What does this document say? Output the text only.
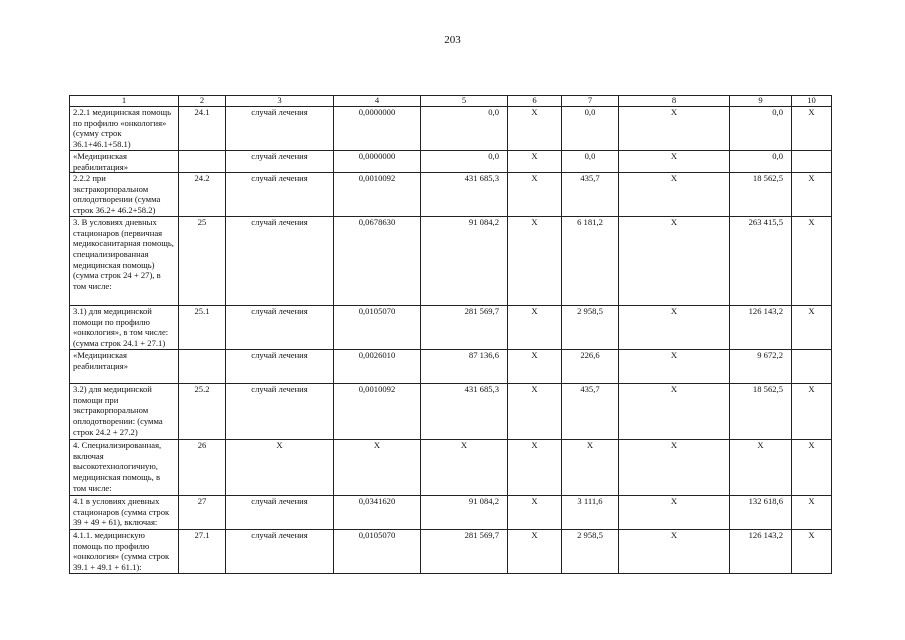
203
1	2	3	4	5	6	7	8	9	10
2.2.1 медицинская помощь по профилю «онкология» (сумму строк 36.1+46.1+58.1)	24.1	случай лечения	0,0000000	0,0	X	0,0	X	0,0	X
«Медицинская реабилитация»		случай лечения	0,0000000	0,0	X	0,0	X	0,0	
2.2.2 при экстракорпоральном оплодотворении (сумма строк 36.2+ 46.2+58.2)	24.2	случай лечения	0,0010092	431 685,3	X	435,7	X	18 562,5	X
3. В условиях дневных стационаров (первичная медикосанитарная помощь, специализированная медицинская помощь) (сумма строк 24 + 27), в том числе:	25	случай лечения	0,0678630	91 084,2	X	6 181,2	X	263 415,5	X
3.1) для медицинской помощи по профилю «онкология», в том числе: (сумма строк 24.1 + 27.1)	25.1	случай лечения	0,0105070	281 569,7	X	2 958,5	X	126 143,2	X
«Медицинская реабилитация»		случай лечения	0,0026010	87 136,6	X	226,6	X	9 672,2	
3.2) для медицинской помощи при экстракорпоральном оплодотворении: (сумма строк 24.2 + 27.2)	25.2	случай лечения	0,0010092	431 685,3	X	435,7	X	18 562,5	X
4. Специализированная, включая высокотехнологичную, медицинская помощь, в том числе:	26	X	X	X	X	X	X	X	X
4.1 в условиях дневных стационаров (сумма строк 39 + 49 + 61), включая:	27	случай лечения	0,0341620	91 084,2	X	3 111,6	X	132 618,6	X
4.1.1. медицинскую помощь по профилю «онкология» (сумма строк 39.1 + 49.1 + 61.1):	27.1	случай лечения	0,0105070	281 569,7	X	2 958,5	X	126 143,2	X
